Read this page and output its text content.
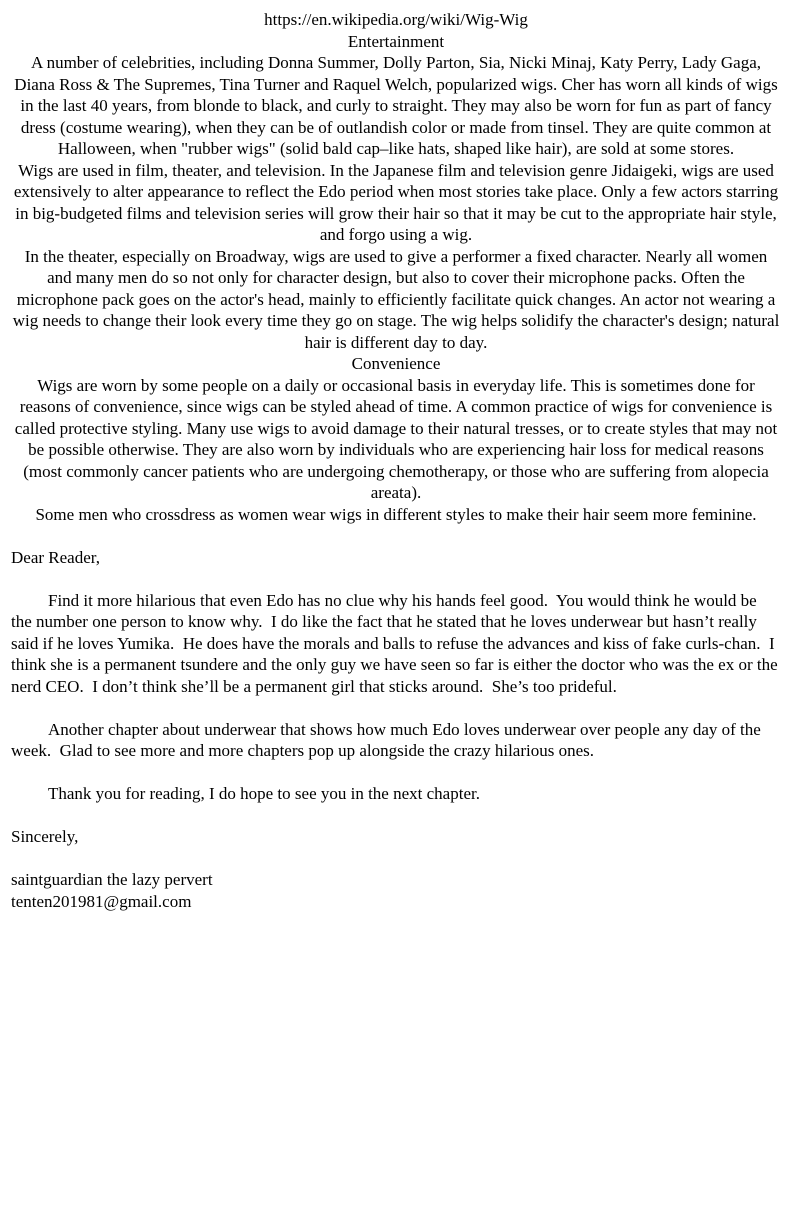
https://en.wikipedia.org/wiki/Wig-Wig

Entertainment

A number of celebrities, including Donna Summer, Dolly Parton, Sia, Nicki Minaj, Katy Perry, Lady Gaga, Diana Ross & The Supremes, Tina Turner and Raquel Welch, popularized wigs. Cher has worn all kinds of wigs in the last 40 years, from blonde to black, and curly to straight. They may also be worn for fun as part of fancy dress (costume wearing), when they can be of outlandish color or made from tinsel. They are quite common at Halloween, when "rubber wigs" (solid bald cap–like hats, shaped like hair), are sold at some stores.

Wigs are used in film, theater, and television. In the Japanese film and television genre Jidaigeki, wigs are used extensively to alter appearance to reflect the Edo period when most stories take place. Only a few actors starring in big-budgeted films and television series will grow their hair so that it may be cut to the appropriate hair style, and forgo using a wig.

In the theater, especially on Broadway, wigs are used to give a performer a fixed character. Nearly all women and many men do so not only for character design, but also to cover their microphone packs. Often the microphone pack goes on the actor's head, mainly to efficiently facilitate quick changes. An actor not wearing a wig needs to change their look every time they go on stage. The wig helps solidify the character's design; natural hair is different day to day.

Convenience

Wigs are worn by some people on a daily or occasional basis in everyday life. This is sometimes done for reasons of convenience, since wigs can be styled ahead of time. A common practice of wigs for convenience is called protective styling. Many use wigs to avoid damage to their natural tresses, or to create styles that may not be possible otherwise. They are also worn by individuals who are experiencing hair loss for medical reasons (most commonly cancer patients who are undergoing chemotherapy, or those who are suffering from alopecia areata).

Some men who crossdress as women wear wigs in different styles to make their hair seem more feminine.

Dear Reader,

Find it more hilarious that even Edo has no clue why his hands feel good.  You would think he would be the number one person to know why.  I do like the fact that he stated that he loves underwear but hasn’t really said if he loves Yumika.  He does have the morals and balls to refuse the advances and kiss of fake curls-chan.  I think she is a permanent tsundere and the only guy we have seen so far is either the doctor who was the ex or the nerd CEO.  I don’t think she’ll be a permanent girl that sticks around.  She’s too prideful.

Another chapter about underwear that shows how much Edo loves underwear over people any day of the week.  Glad to see more and more chapters pop up alongside the crazy hilarious ones.

Thank you for reading, I do hope to see you in the next chapter.

Sincerely,

saintguardian the lazy pervert

tenten201981@gmail.com
